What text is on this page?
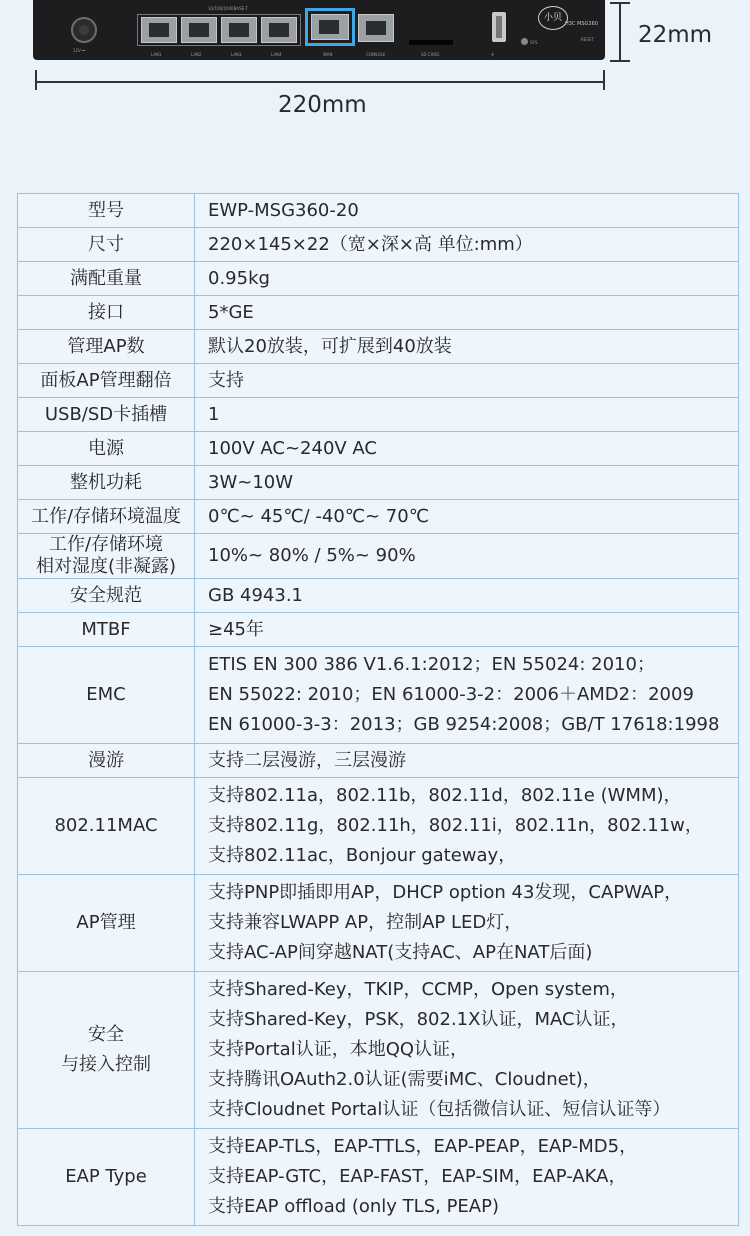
12V ⎓
10/100/1000BASE-T
LAN1	LAN2	LAN3	LAN4	WAN	CONSOLE	SD CARD	⭍
SYS
小贝
H3C MSG360
RESET 22mm
220mm
型号	EWP-MSG360-20

尺寸	220×145×22（宽×深×高 单位:mm）

满配重量	0.95kg

接口	5*GE

管理AP数	默认20放装，可扩展到40放装

面板AP管理翻倍	支持

USB/SD卡插槽	1

电源	100V AC~240V AC

整机功耗	3W~10W

工作/存储环境温度	0℃~ 45℃/ -40℃~ 70℃

工作/存储环境
相对湿度(非凝露)	10%~ 80% / 5%~ 90%

安全规范	GB 4943.1

MTBF	≥45年

EMC	ETIS EN 300 386 V1.6.1:2012；EN 55024: 2010；
EN 55022: 2010；EN 61000-3-2：2006＋AMD2：2009
EN 61000-3-3：2013；GB 9254:2008；GB/T 17618:1998

漫游	支持二层漫游，三层漫游

802.11MAC	支持802.11a，802.11b，802.11d，802.11e (WMM)，
支持802.11g，802.11h，802.11i，802.11n，802.11w，
支持802.11ac，Bonjour gateway，

AP管理	支持PNP即插即用AP，DHCP option 43发现，CAPWAP，
支持兼容LWAPP AP，控制AP LED灯，
支持AC-AP间穿越NAT(支持AC、AP在NAT后面)

安全
与接入控制	支持Shared-Key，TKIP，CCMP，Open system，
支持Shared-Key，PSK，802.1X认证，MAC认证，
支持Portal认证，本地QQ认证，
支持腾讯OAuth2.0认证(需要iMC、Cloudnet)，
支持Cloudnet Portal认证（包括微信认证、短信认证等）

EAP Type	支持EAP-TLS，EAP-TTLS，EAP-PEAP，EAP-MD5，
支持EAP-GTC，EAP-FAST，EAP-SIM，EAP-AKA，
支持EAP offload (only TLS, PEAP)
